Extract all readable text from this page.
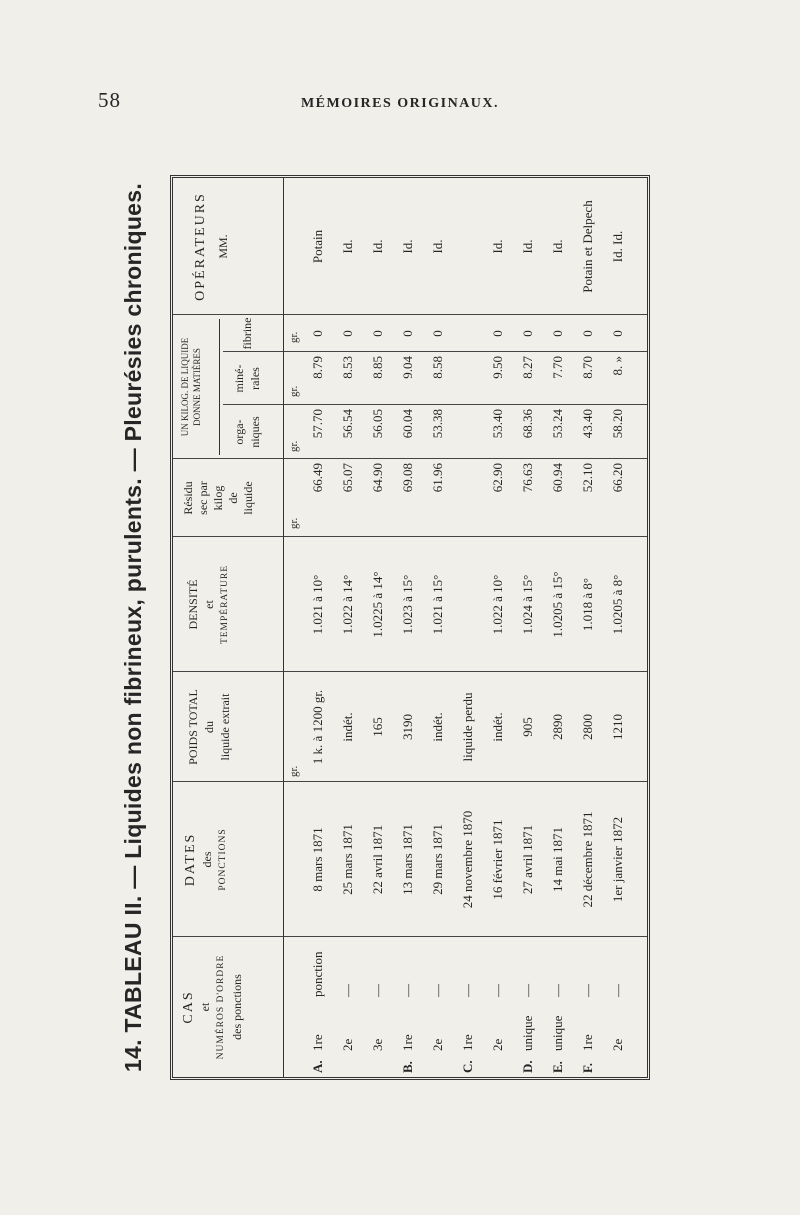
58	MÉMOIRES ORIGINAUX.
14. TABLEAU II. — Liquides non fibrineux, purulents. — Pleurésies chroniques.	CAS et NUMÉROS D'ORDRE des ponctions
DATES des PONCTIONS
POIDS TOTAL du liquide extrait
DENSITÉ et TEMPÉRATURE
Résidu sec par kilog de liquide
UN KILOG. DE LIQUIDE DONNE MATIÈRES
orga- niques
miné- rales
fibrine
OPÉRATEURS MM.
gr.
gr.
gr.
gr.
gr.
A.
1re
ponction
8 mars 1871
1 k. à 1200 gr.
1.021 à 10°
66.49
57.70
8.79
0
Potain
2e
—
25 mars 1871
indét.
1.022 à 14°
65.07
56.54
8.53
0
Id.
3e
—
22 avril 1871
165
1.0225 à 14°
64.90
56.05
8.85
0
Id.
B.
1re
—
13 mars 1871
3190
1.023 à 15°
69.08
60.04
9.04
0
Id.
2e
—
29 mars 1871
indét.
1.021 à 15°
61.96
53.38
8.58
0
Id.
C.
1re
—
24 novembre 1870
liquide perdu
2e
—
16 février 1871
indét.
1.022 à 10°
62.90
53.40
9.50
0
Id.
D.
unique
—
27 avril 1871
905
1.024 à 15°
76.63
68.36
8.27
0
Id.
E.
unique
—
14 mai 1871
2890
1.0205 à 15°
60.94
53.24
7.70
0
Id.
F.
1re
—
22 décembre 1871
2800
1.018 à 8°
52.10
43.40
8.70
0
Potain et Delpech
2e
—
1er janvier 1872
1210
1.0205 à 8°
66.20
58.20
8. »
0
Id. Id.
